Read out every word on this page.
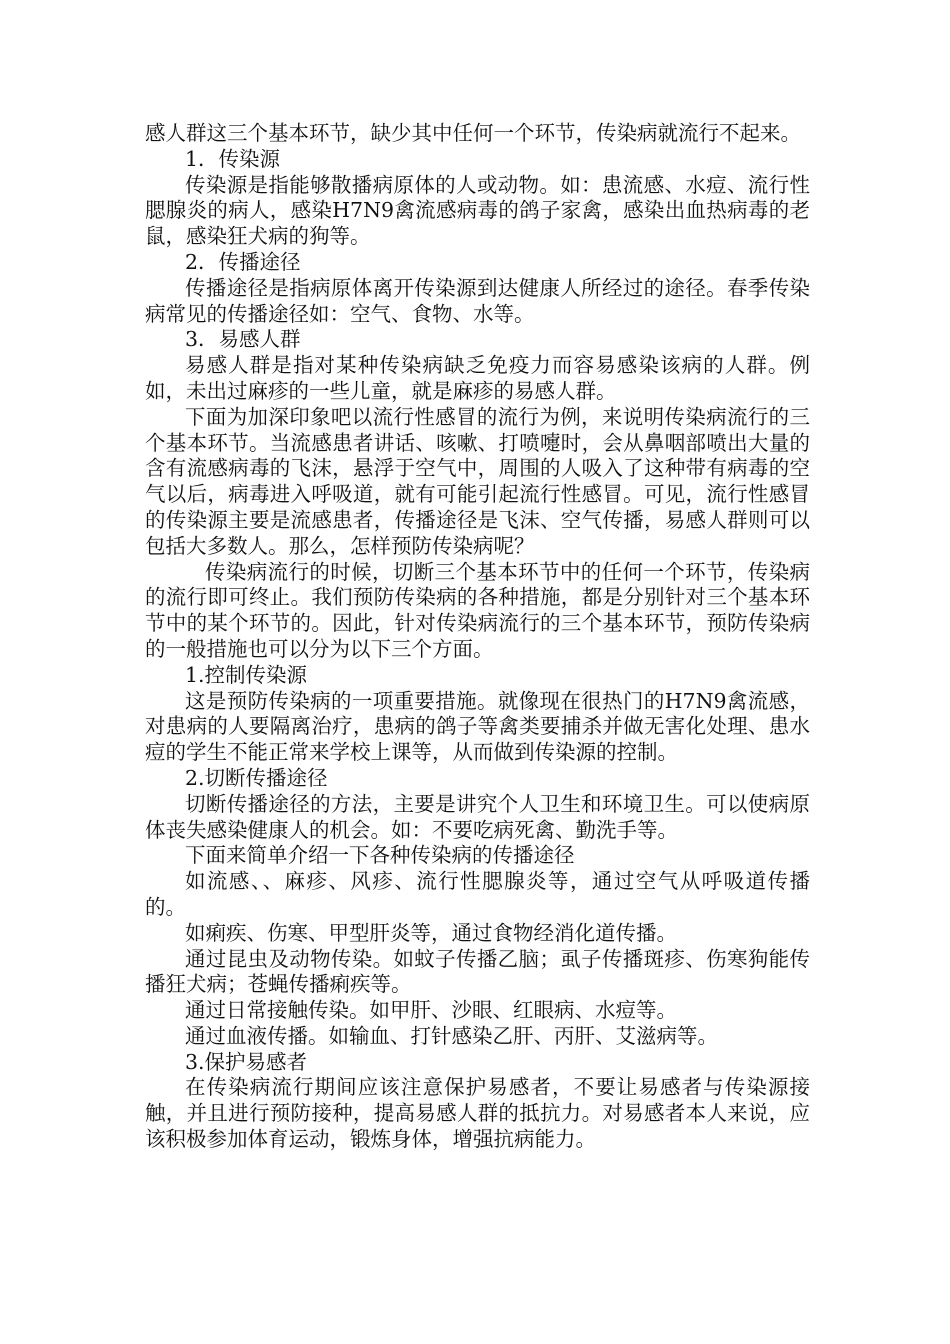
感人群这三个基本环节，缺少其中任何一个环节，传染病就流行不起来。

1．传染源

传染源是指能够散播病原体的人或动物。如：患流感、水痘、流行性腮腺炎的病人，感染H7N9禽流感病毒的鸽子家禽，感染出血热病毒的老鼠，感染狂犬病的狗等。

2．传播途径

传播途径是指病原体离开传染源到达健康人所经过的途径。春季传染病常见的传播途径如：空气、食物、水等。

3．易感人群

易感人群是指对某种传染病缺乏免疫力而容易感染该病的人群。例如，未出过麻疹的一些儿童，就是麻疹的易感人群。

下面为加深印象吧以流行性感冒的流行为例，来说明传染病流行的三个基本环节。当流感患者讲话、咳嗽、打喷嚏时，会从鼻咽部喷出大量的含有流感病毒的飞沫，悬浮于空气中，周围的人吸入了这种带有病毒的空气以后，病毒进入呼吸道，就有可能引起流行性感冒。可见，流行性感冒的传染源主要是流感患者，传播途径是飞沫、空气传播，易感人群则可以包括大多数人。那么，怎样预防传染病呢？

传染病流行的时候，切断三个基本环节中的任何一个环节，传染病的流行即可终止。我们预防传染病的各种措施，都是分别针对三个基本环节中的某个环节的。因此，针对传染病流行的三个基本环节，预防传染病的一般措施也可以分为以下三个方面。

1.控制传染源

这是预防传染病的一项重要措施。就像现在很热门的H7N9禽流感，对患病的人要隔离治疗，患病的鸽子等禽类要捕杀并做无害化处理、患水痘的学生不能正常来学校上课等，从而做到传染源的控制。

2.切断传播途径

切断传播途径的方法，主要是讲究个人卫生和环境卫生。可以使病原体丧失感染健康人的机会。如：不要吃病死禽、勤洗手等。

下面来简单介绍一下各种传染病的传播途径

如流感、、麻疹、风疹、流行性腮腺炎等，通过空气从呼吸道传播的。

如痢疾、伤寒、甲型肝炎等，通过食物经消化道传播。

通过昆虫及动物传染。如蚊子传播乙脑；虱子传播斑疹、伤寒狗能传播狂犬病；苍蝇传播痢疾等。

通过日常接触传染。如甲肝、沙眼、红眼病、水痘等。

通过血液传播。如输血、打针感染乙肝、丙肝、艾滋病等。

3.保护易感者

在传染病流行期间应该注意保护易感者，不要让易感者与传染源接触，并且进行预防接种，提高易感人群的抵抗力。对易感者本人来说，应该积极参加体育运动，锻炼身体，增强抗病能力。
